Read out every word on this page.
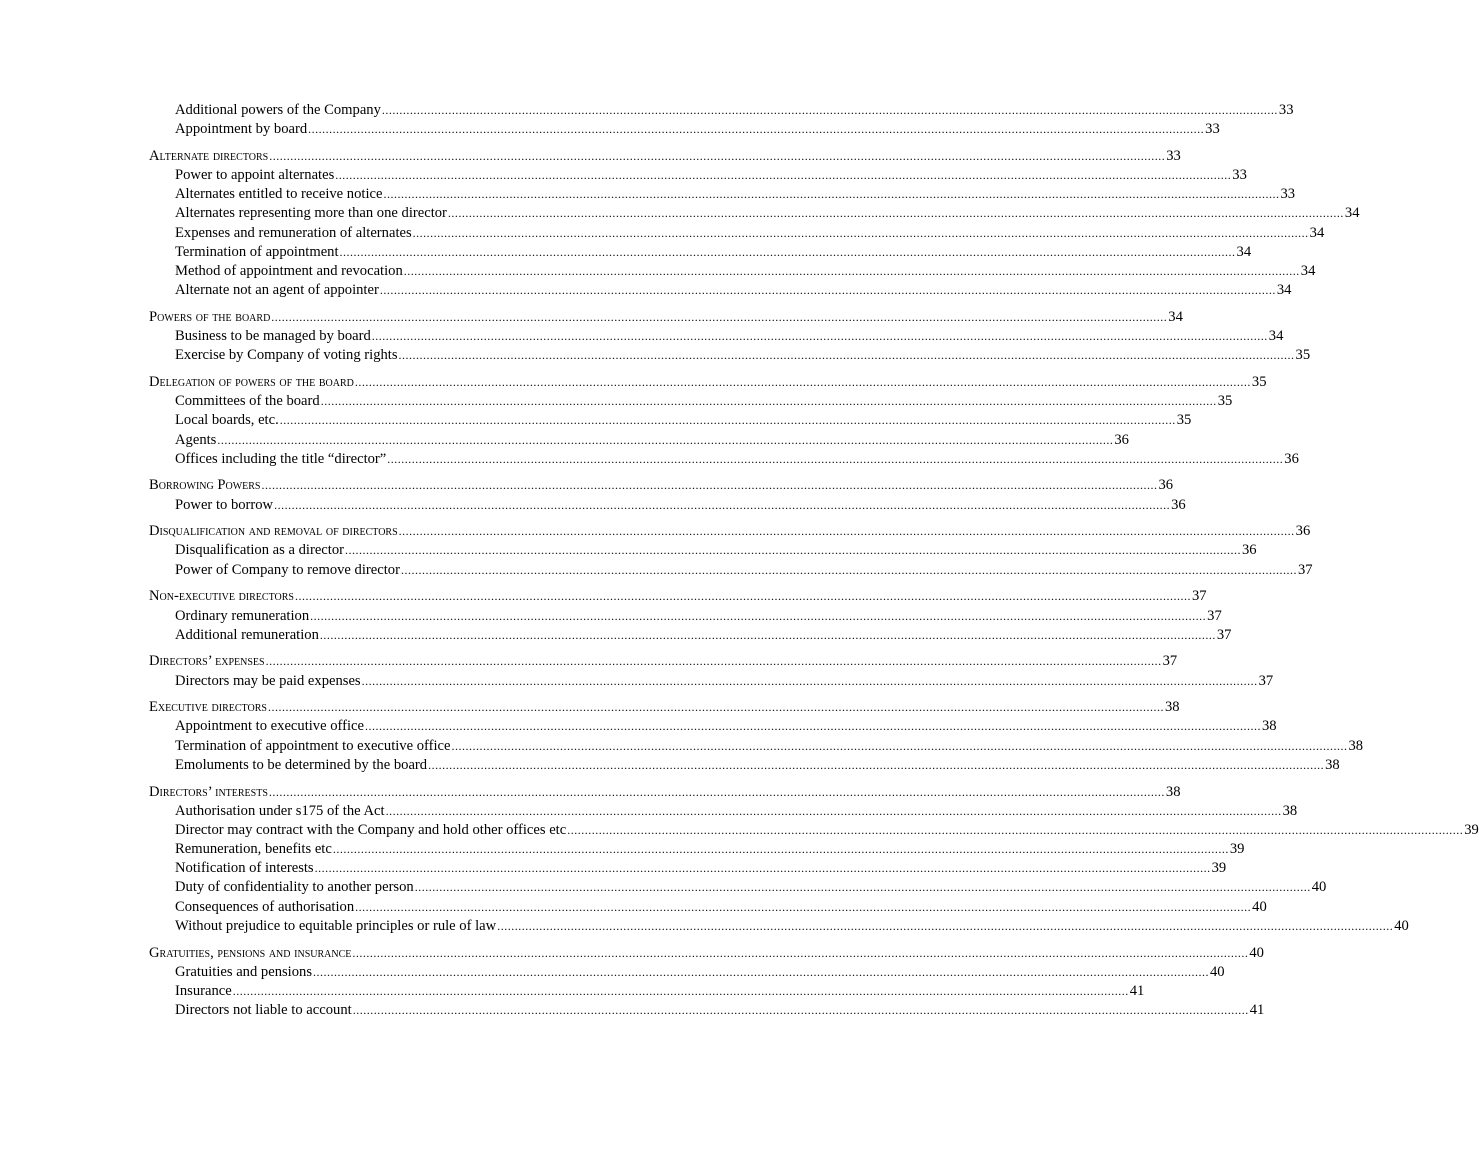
Additional powers of the Company ................................................................................................................................................................................................................................................................ 33
Appointment by board ................................................................................................................................................................................................................................................................ 33
Alternate directors ................................................................................................................................................................................................................................................................ 33
Power to appoint alternates ................................................................................................................................................................................................................................................................ 33
Alternates entitled to receive notice ................................................................................................................................................................................................................................................................ 33
Alternates representing more than one director ................................................................................................................................................................................................................................................................ 34
Expenses and remuneration of alternates ................................................................................................................................................................................................................................................................ 34
Termination of appointment ................................................................................................................................................................................................................................................................ 34
Method of appointment and revocation ................................................................................................................................................................................................................................................................ 34
Alternate not an agent of appointer ................................................................................................................................................................................................................................................................ 34
Powers of the board ................................................................................................................................................................................................................................................................ 34
Business to be managed by board ................................................................................................................................................................................................................................................................ 34
Exercise by Company of voting rights ................................................................................................................................................................................................................................................................ 35
Delegation of powers of the board ................................................................................................................................................................................................................................................................ 35
Committees of the board ................................................................................................................................................................................................................................................................ 35
Local boards, etc. ................................................................................................................................................................................................................................................................ 35
Agents ................................................................................................................................................................................................................................................................ 36
Offices including the title “director” ................................................................................................................................................................................................................................................................ 36
Borrowing Powers ................................................................................................................................................................................................................................................................ 36
Power to borrow ................................................................................................................................................................................................................................................................ 36
Disqualification and removal of directors ................................................................................................................................................................................................................................................................ 36
Disqualification as a director ................................................................................................................................................................................................................................................................ 36
Power of Company to remove director ................................................................................................................................................................................................................................................................ 37
Non-executive directors ................................................................................................................................................................................................................................................................ 37
Ordinary remuneration ................................................................................................................................................................................................................................................................ 37
Additional remuneration ................................................................................................................................................................................................................................................................ 37
Directors’ expenses ................................................................................................................................................................................................................................................................ 37
Directors may be paid expenses ................................................................................................................................................................................................................................................................ 37
Executive directors ................................................................................................................................................................................................................................................................ 38
Appointment to executive office ................................................................................................................................................................................................................................................................ 38
Termination of appointment to executive office ................................................................................................................................................................................................................................................................ 38
Emoluments to be determined by the board ................................................................................................................................................................................................................................................................ 38
Directors’ interests ................................................................................................................................................................................................................................................................ 38
Authorisation under s175 of the Act ................................................................................................................................................................................................................................................................ 38
Director may contract with the Company and hold other offices etc ................................................................................................................................................................................................................................................................ 39
Remuneration, benefits etc ................................................................................................................................................................................................................................................................ 39
Notification of interests ................................................................................................................................................................................................................................................................ 39
Duty of confidentiality to another person ................................................................................................................................................................................................................................................................ 40
Consequences of authorisation ................................................................................................................................................................................................................................................................ 40
Without prejudice to equitable principles or rule of law ................................................................................................................................................................................................................................................................ 40
Gratuities, pensions and insurance ................................................................................................................................................................................................................................................................ 40
Gratuities and pensions ................................................................................................................................................................................................................................................................ 40
Insurance ................................................................................................................................................................................................................................................................ 41
Directors not liable to account ................................................................................................................................................................................................................................................................ 41
